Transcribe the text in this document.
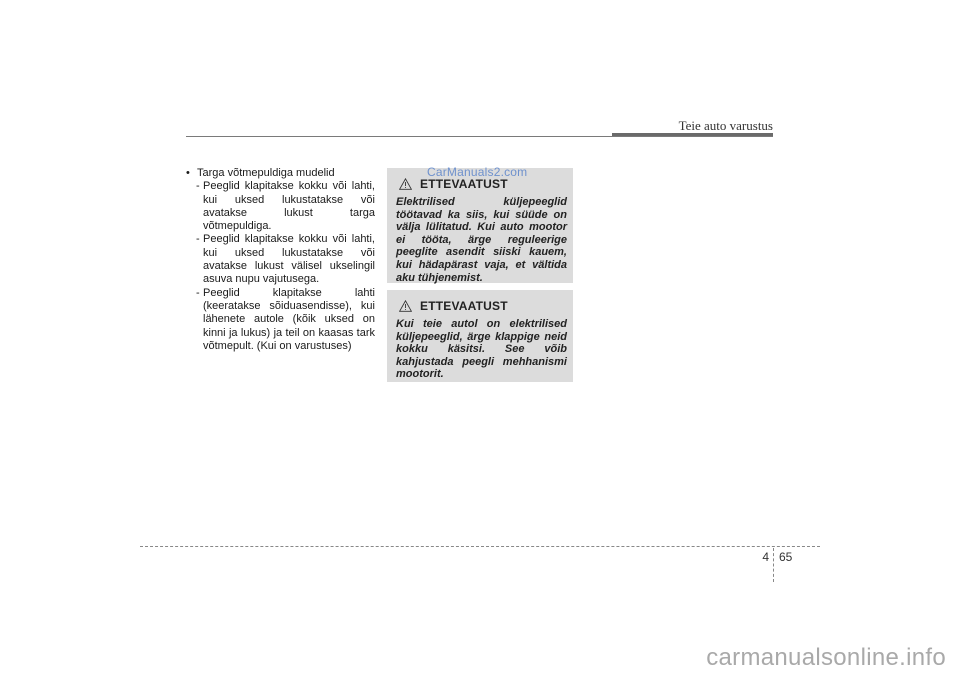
Teie auto varustus
• Targa võtmepuldiga mudelid
- Peeglid klapitakse kokku või lahti, kui uksed lukustatakse või avatakse lukust targa võtmepuldiga.
- Peeglid klapitakse kokku või lahti, kui uksed lukustatakse või avatakse lukust välisel ukselingil asuva nupu vajutusega.
- Peeglid klapitakse lahti (keeratakse sõiduasendisse), kui lähenete autole (kõik uksed on kinni ja lukus) ja teil on kaasas tark võtmepult. (Kui on varustuses)
ETTEVAATUST
Elektrilised küljepeeglid töötavad ka siis, kui süüde on välja lülitatud. Kui auto mootor ei tööta, ärge reguleerige peeglite asendit siiski kauem, kui hädapärast vaja, et vältida aku tühjenemist.
CarManuals2.com
ETTEVAATUST
Kui teie autol on elektrilised küljepeeglid, ärge klappige neid kokku käsitsi. See võib kahjustada peegli mehhanismi mootorit.
4 65
carmanualsonline.info
